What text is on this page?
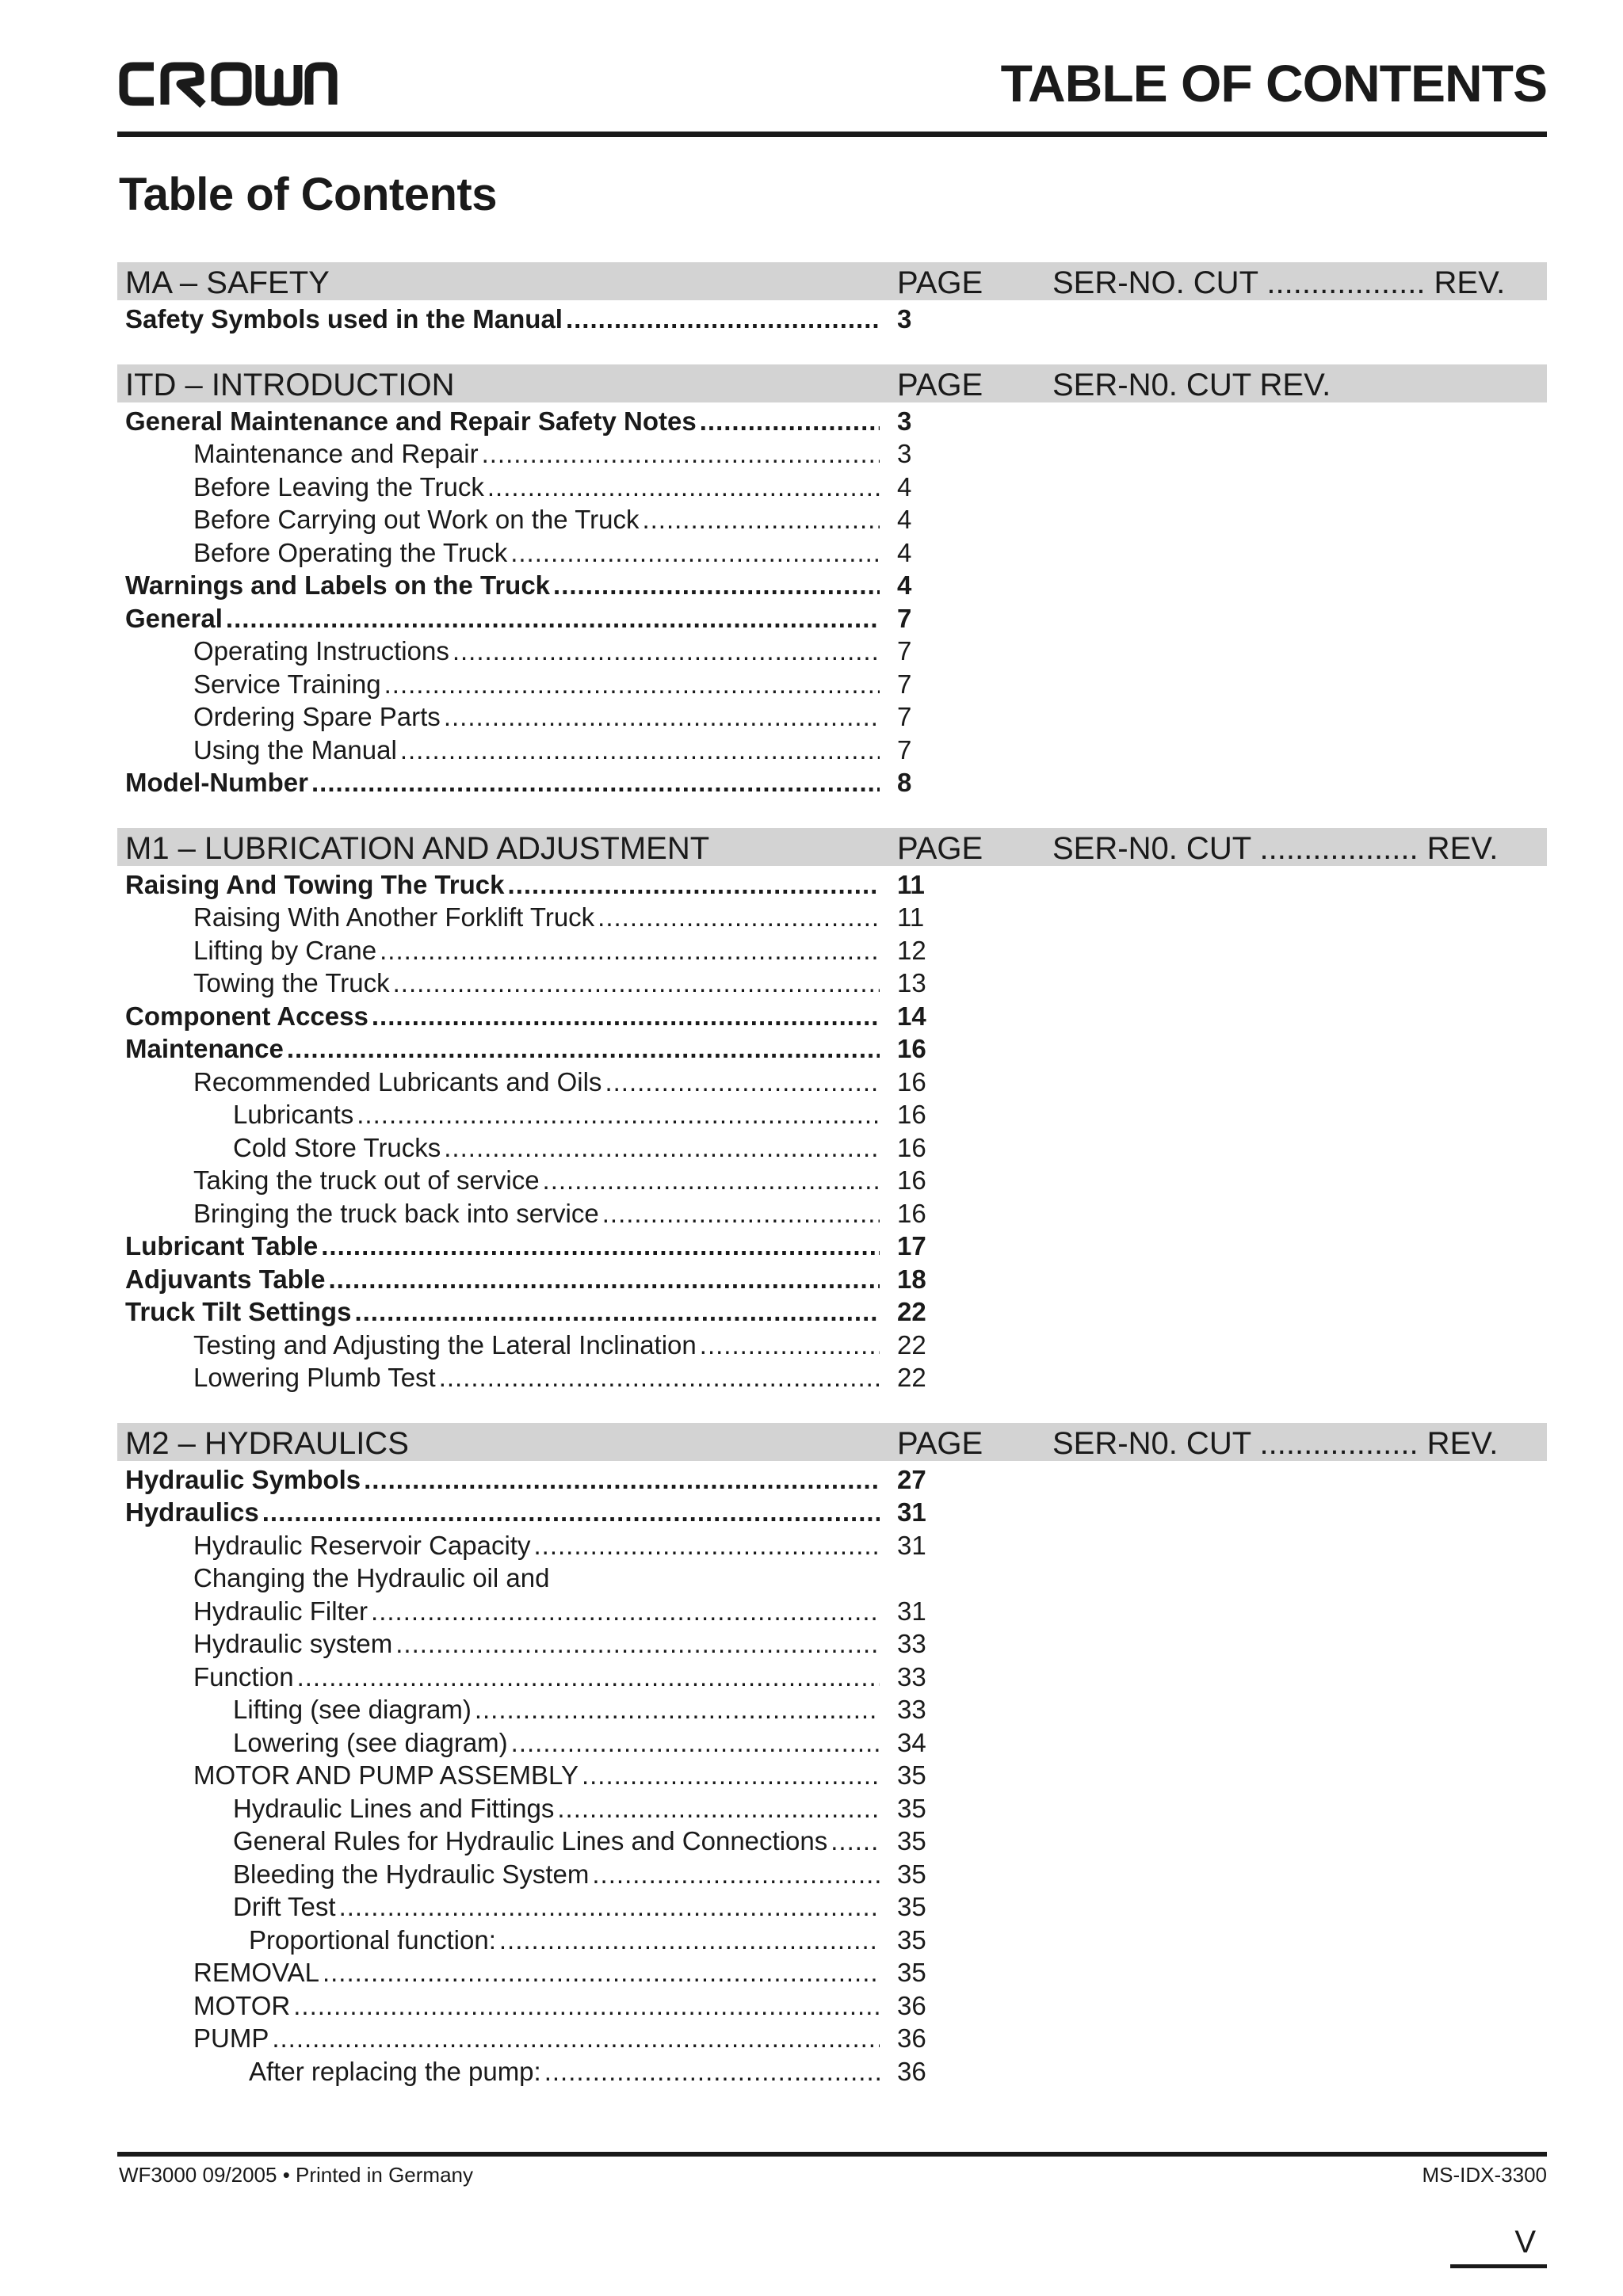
TABLE OF CONTENTS
Table of Contents
MA – SAFETY	PAGE SER-NO. CUT .................. REV.
Safety Symbols used in the Manual .....	3
ITD – INTRODUCTION	PAGE SER-N0. CUT REV.
General Maintenance and Repair Safety Notes .....	3
Maintenance and Repair .....	3
Before Leaving the Truck .....	4
Before Carrying out Work on the Truck .....	4
Before Operating the Truck .....	4
Warnings and Labels on the Truck .....	4
General .....	7
Operating Instructions .....	7
Service Training .....	7
Ordering Spare Parts .....	7
Using the Manual .....	7
Model-Number .....	8
M1 – LUBRICATION AND ADJUSTMENT	PAGE SER-N0. CUT .................. REV.
Raising And Towing The Truck .....	11
Raising With Another Forklift Truck .....	11
Lifting by Crane .....	12
Towing the Truck .....	13
Component Access .....	14
Maintenance .....	16
Recommended Lubricants and Oils .....	16
Lubricants .....	16
Cold Store Trucks .....	16
Taking the truck out of service .....	16
Bringing the truck back into service .....	16
Lubricant Table .....	17
Adjuvants Table .....	18
Truck Tilt Settings .....	22
Testing and Adjusting the Lateral Inclination .....	22
Lowering Plumb Test .....	22
M2 – HYDRAULICS	PAGE SER-N0. CUT .................. REV.
Hydraulic Symbols .....	27
Hydraulics .....	31
Hydraulic Reservoir Capacity .....	31
Changing the Hydraulic oil and
Hydraulic Filter .....	31
Hydraulic system .....	33
Function .....	33
Lifting (see diagram) .....	33
Lowering (see diagram) .....	34
MOTOR AND PUMP ASSEMBLY .....	35
Hydraulic Lines and Fittings .....	35
General Rules for Hydraulic Lines and Connections .....	35
Bleeding the Hydraulic System .....	35
Drift Test .....	35
Proportional function: .....	35
REMOVAL .....	35
MOTOR .....	36
PUMP .....	36
After replacing the pump: .....	36
WF3000 09/2005 • Printed in Germany	MS-IDX-3300
V
